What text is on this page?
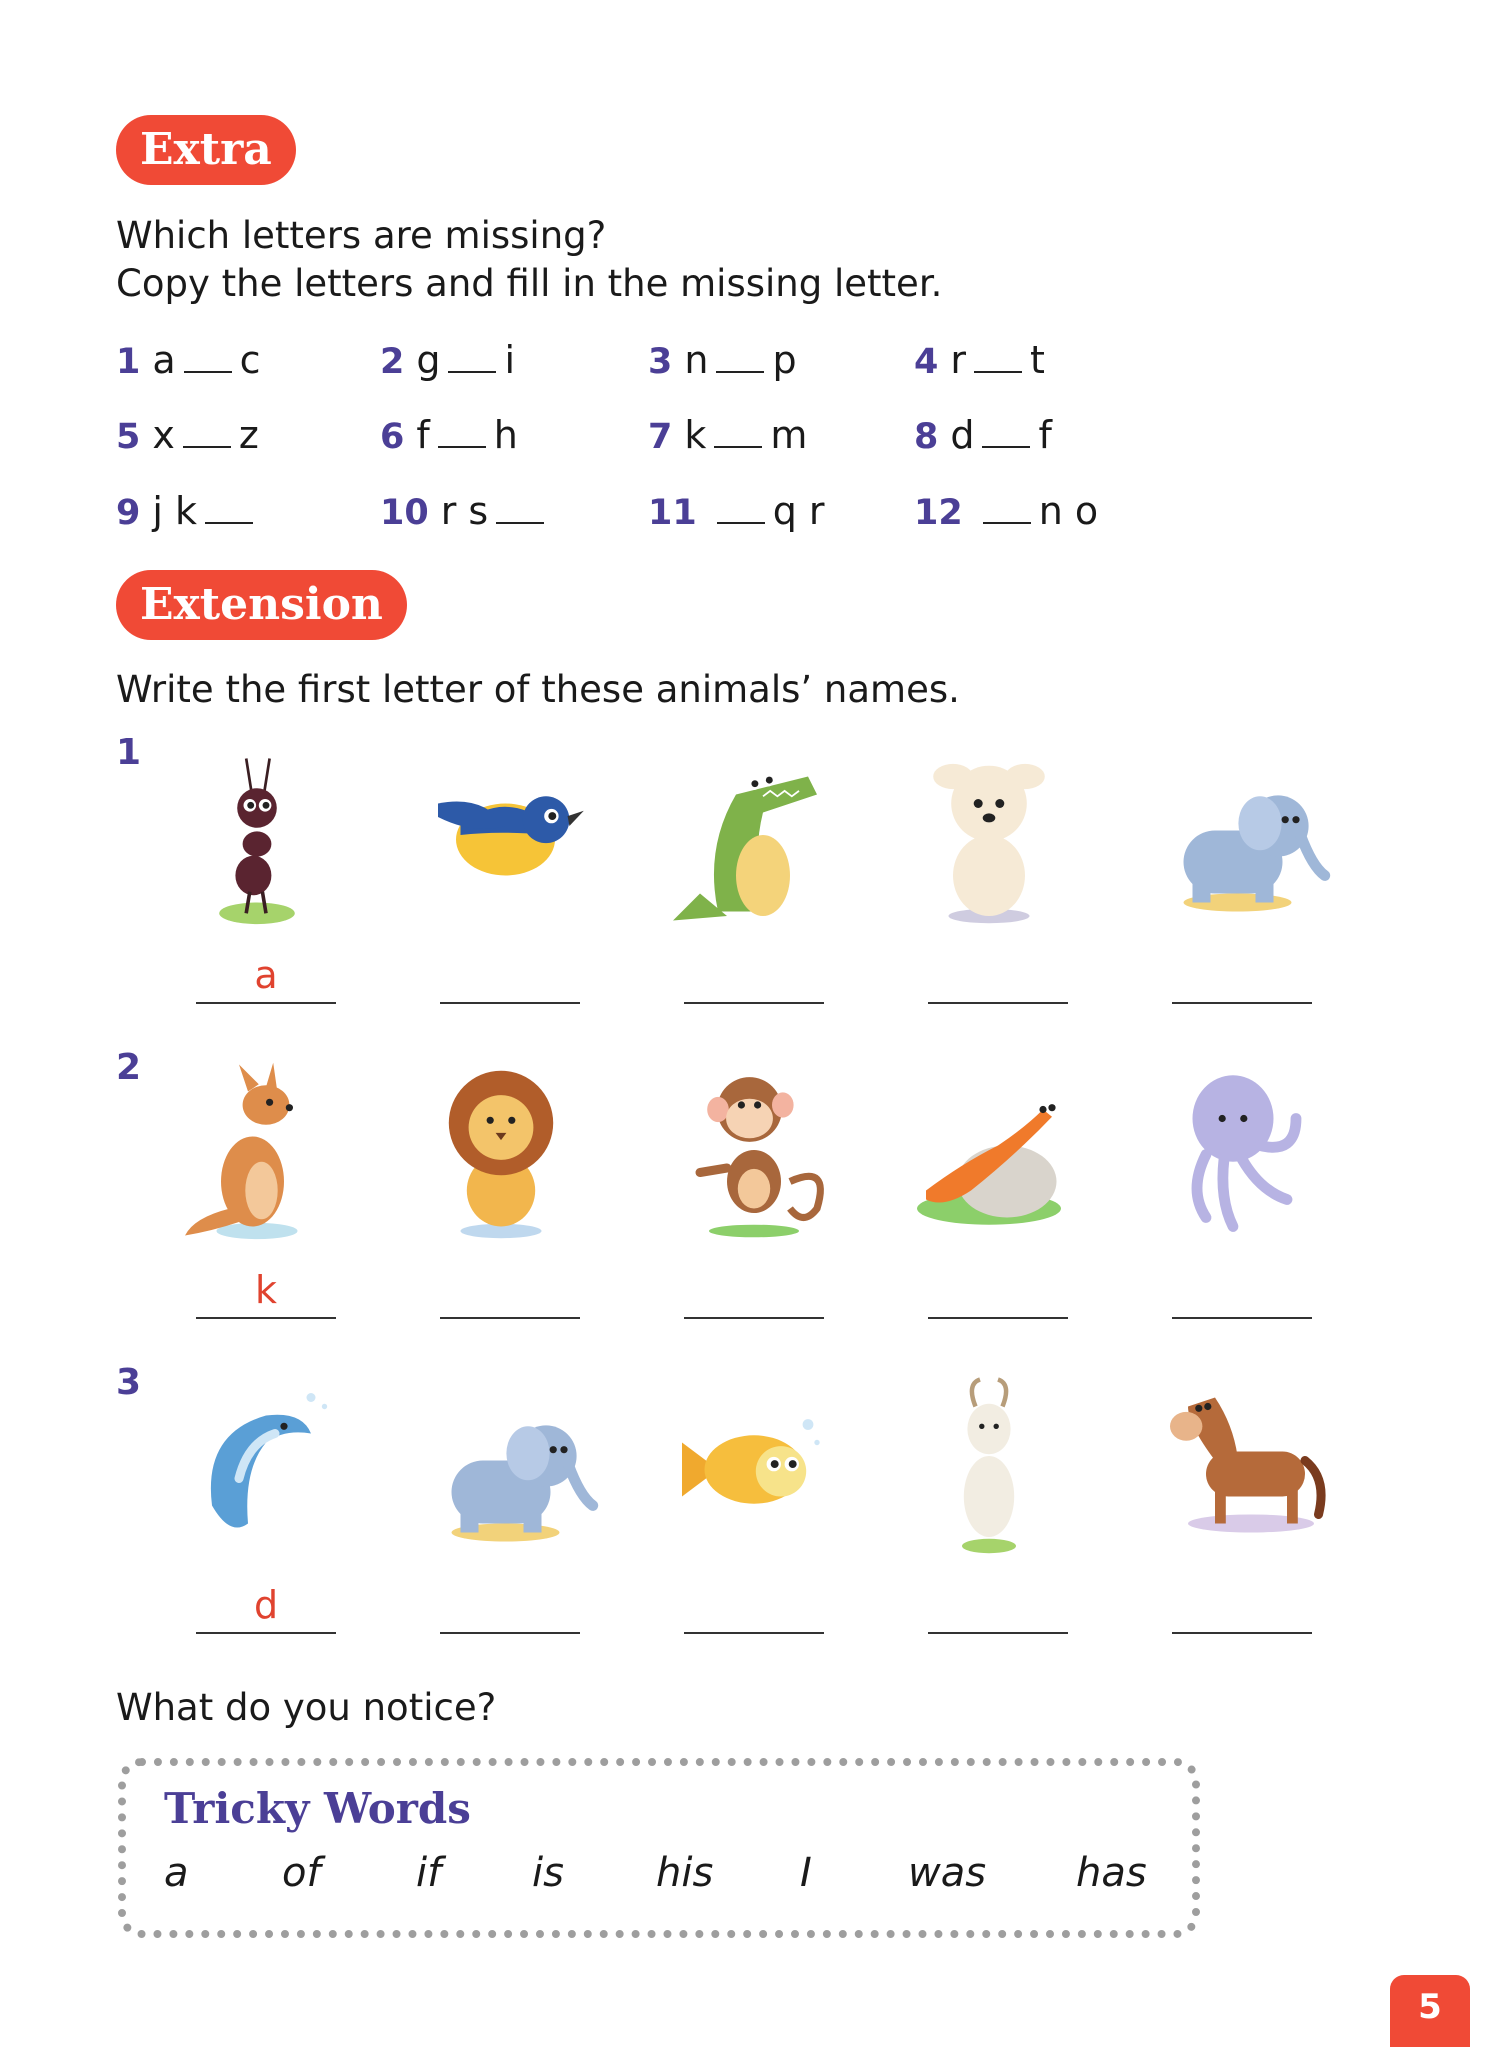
Extra
Which letters are missing?
Copy the letters and fill in the missing letter.
1 a c	2 g i	3 n p	4 r t
5 x z	6 f h	7 k m	8 d f
9 j k	10 r s	11 q r	12 n o
Extension
Write the first letter of these animals’ names.
1
a
2
k
3
d
What do you notice?
Tricky Words
a of if is his I was has
5
